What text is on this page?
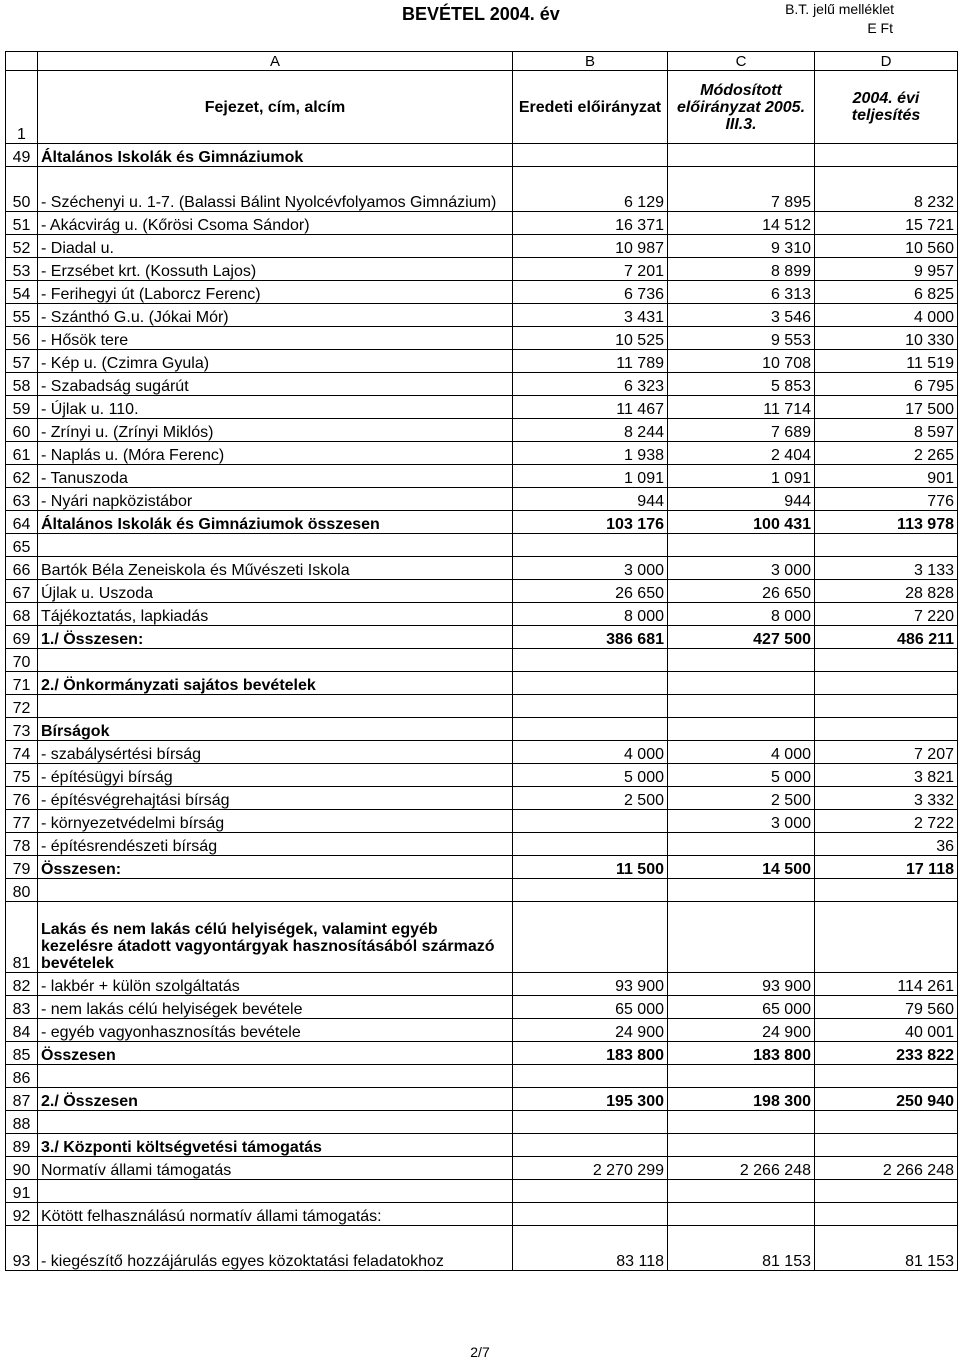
BEVÉTEL 2004. év	B.T. jelű melléklet
E Ft
	A	B	C	D
1	Fejezet, cím, alcím	Eredeti előirányzat	Módosított előirányzat 2005. III.3.	2004. évi teljesítés
49	Általános Iskolák és Gimnáziumok			
50	- Széchenyi u. 1-7. (Balassi Bálint Nyolcévfolyamos Gimnázium)	6 129	7 895	8 232
51	- Akácvirág u. (Kőrösi Csoma Sándor)	16 371	14 512	15 721
52	- Diadal u.	10 987	9 310	10 560
53	- Erzsébet krt. (Kossuth Lajos)	7 201	8 899	9 957
54	- Ferihegyi út (Laborcz Ferenc)	6 736	6 313	6 825
55	- Szánthó G.u. (Jókai Mór)	3 431	3 546	4 000
56	- Hősök tere	10 525	9 553	10 330
57	- Kép u. (Czimra Gyula)	11 789	10 708	11 519
58	- Szabadság sugárút	6 323	5 853	6 795
59	- Újlak u. 110.	11 467	11 714	17 500
60	- Zrínyi u. (Zrínyi Miklós)	8 244	7 689	8 597
61	- Naplás u. (Móra Ferenc)	1 938	2 404	2 265
62	- Tanuszoda	1 091	1 091	901
63	- Nyári napközistábor	944	944	776
64	Általános Iskolák és Gimnáziumok összesen	103 176	100 431	113 978
65				
66	Bartók Béla Zeneiskola és Művészeti Iskola	3 000	3 000	3 133
67	Újlak u. Uszoda	26 650	26 650	28 828
68	Tájékoztatás, lapkiadás	8 000	8 000	7 220
69	1./ Összesen:	386 681	427 500	486 211
70				
71	2./ Önkormányzati sajátos bevételek			
72				
73	Bírságok			
74	- szabálysértési bírság	4 000	4 000	7 207
75	- építésügyi bírság	5 000	5 000	3 821
76	- építésvégrehajtási bírság	2 500	2 500	3 332
77	- környezetvédelmi bírság		3 000	2 722
78	- építésrendészeti bírság			36
79	Összesen:	11 500	14 500	17 118
80				
81	Lakás és nem lakás célú helyiségek, valamint egyéb kezelésre átadott vagyontárgyak hasznosításából származó bevételek			
82	- lakbér + külön szolgáltatás	93 900	93 900	114 261
83	- nem lakás célú helyiségek bevétele	65 000	65 000	79 560
84	- egyéb vagyonhasznosítás bevétele	24 900	24 900	40 001
85	Összesen	183 800	183 800	233 822
86				
87	2./ Összesen	195 300	198 300	250 940
88				
89	3./ Központi költségvetési támogatás			
90	Normatív állami támogatás	2 270 299	2 266 248	2 266 248
91				
92	Kötött felhasználású normatív állami támogatás:			
93	- kiegészítő hozzájárulás egyes közoktatási feladatokhoz	83 118	81 153	81 153
2/7
